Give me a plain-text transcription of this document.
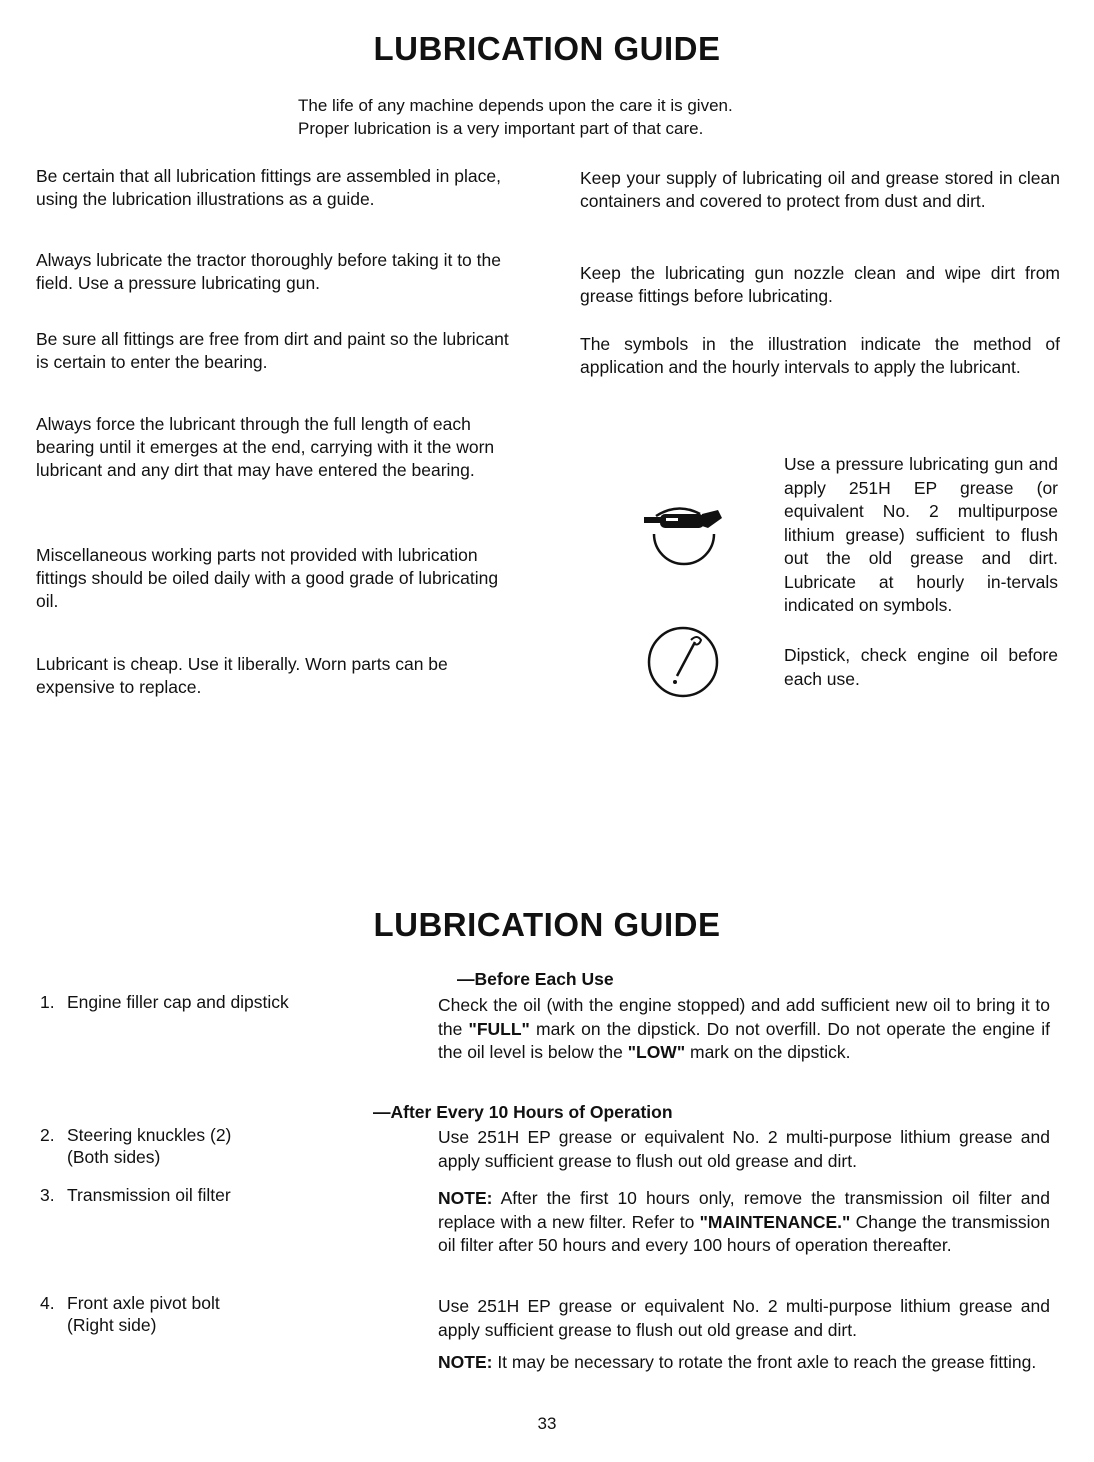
LUBRICATION GUIDE
The life of any machine depends upon the care it is given.
Proper lubrication is a very important part of that care.

Be certain that all lubrication fittings are assembled in place, using the lubrication illustrations as a guide.

Always lubricate the tractor thoroughly before taking it to the field. Use a pressure lubricating gun.

Be sure all fittings are free from dirt and paint so the lubricant is certain to enter the bearing.

Always force the lubricant through the full length of each bearing until it emerges at the end, carrying with it the worn lubricant and any dirt that may have entered the bearing.

Miscellaneous working parts not provided with lubrication fittings should be oiled daily with a good grade of lubricating oil.

Lubricant is cheap. Use it liberally. Worn parts can be expensive to replace.

Keep your supply of lubricating oil and grease stored in clean containers and covered to protect from dust and dirt.

Keep the lubricating gun nozzle clean and wipe dirt from grease fittings before lubricating.

The symbols in the illustration indicate the method of application and the hourly intervals to apply the lubricant.

Use a pressure lubricating gun and apply 251H EP grease (or equivalent No. 2 multipurpose lithium grease) sufficient to flush out the old grease and dirt. Lubricate at hourly in-tervals indicated on symbols.

Dipstick, check engine oil before each use.

LUBRICATION GUIDE
—Before Each Use
1. Engine filler cap and dipstick	Check the oil (with the engine stopped) and add sufficient new oil to bring it to the "FULL" mark on the dipstick. Do not overfill. Do not operate the engine if the oil level is below the "LOW" mark on the dipstick.

—After Every 10 Hours of Operation
2. Steering knuckles (2)
(Both sides)

Use 251H EP grease or equivalent No. 2 multi-purpose lithium grease and apply sufficient grease to flush out old grease and dirt.

3. Transmission oil filter	NOTE: After the first 10 hours only, remove the transmission oil filter and replace with a new filter. Refer to "MAINTENANCE." Change the transmission oil filter after 50 hours and every 100 hours of operation thereafter.

4. Front axle pivot bolt
(Right side)

Use 251H EP grease or equivalent No. 2 multi-purpose lithium grease and apply sufficient grease to flush out old grease and dirt.

NOTE: It may be necessary to rotate the front axle to reach the grease fitting.

33
